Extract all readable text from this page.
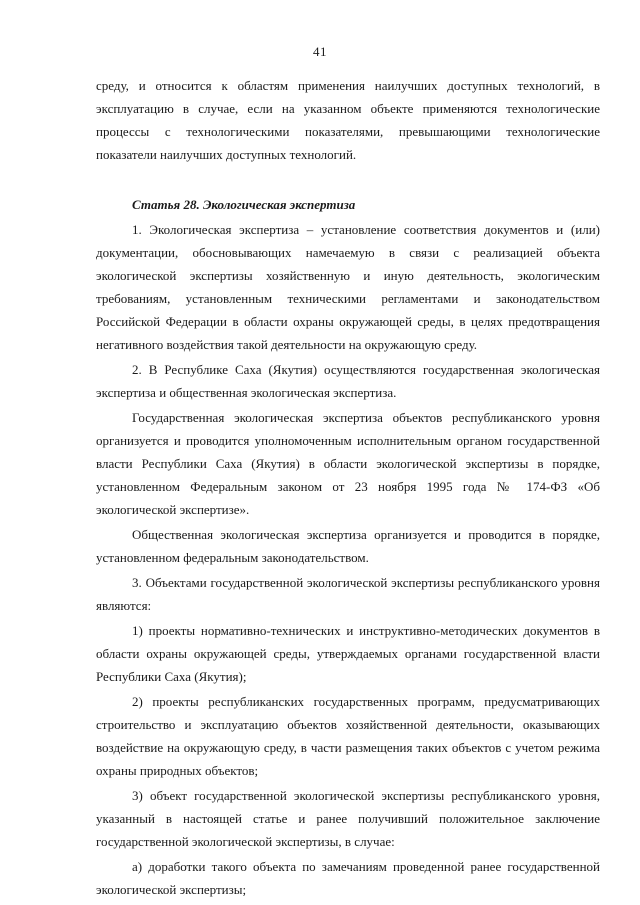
41

среду, и относится к областям применения наилучших доступных технологий, в эксплуатацию в случае, если на указанном объекте применяются технологические процессы с технологическими показателями, превышающими технологические показатели наилучших доступных технологий.

Статья 28. Экологическая экспертиза

1. Экологическая экспертиза – установление соответствия документов и (или) документации, обосновывающих намечаемую в связи с реализацией объекта экологической экспертизы хозяйственную и иную деятельность, экологическим требованиям, установленным техническими регламентами и законодательством Российской Федерации в области охраны окружающей среды, в целях предотвращения негативного воздействия такой деятельности на окружающую среду.

2. В Республике Саха (Якутия) осуществляются государственная экологическая экспертиза и общественная экологическая экспертиза.

Государственная экологическая экспертиза объектов республиканского уровня организуется и проводится уполномоченным исполнительным органом государственной власти Республики Саха (Якутия) в области экологической экспертизы в порядке, установленном Федеральным законом от 23 ноября 1995 года № 174-ФЗ «Об экологической экспертизе».

Общественная экологическая экспертиза организуется и проводится в порядке, установленном федеральным законодательством.

3. Объектами государственной экологической экспертизы республиканского уровня являются:

1) проекты нормативно-технических и инструктивно-методических документов в области охраны окружающей среды, утверждаемых органами государственной власти Республики Саха (Якутия);

2) проекты республиканских государственных программ, предусматривающих строительство и эксплуатацию объектов хозяйственной деятельности, оказывающих воздействие на окружающую среду, в части размещения таких объектов с учетом режима охраны природных объектов;

3) объект государственной экологической экспертизы республиканского уровня, указанный в настоящей статье и ранее получивший положительное заключение государственной экологической экспертизы, в случае:

а) доработки такого объекта по замечаниям проведенной ранее государственной экологической экспертизы;
